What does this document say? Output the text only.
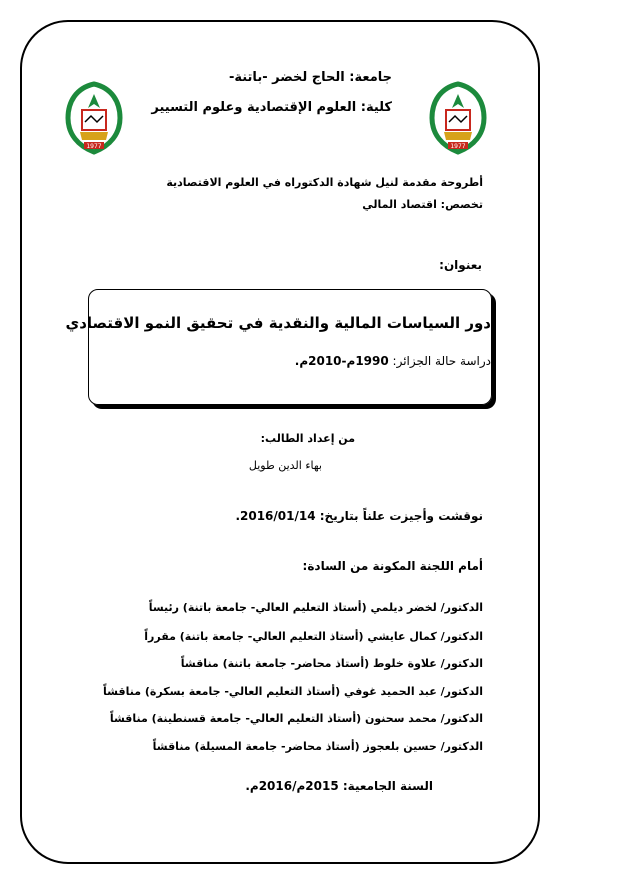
1977
1977
جامعة: الحاج لخضر -باتنة-
كلية: العلوم الإقتصادية وعلوم التسيير
أطروحة مقدمة لنيل شهادة الدكتوراه في العلوم الاقتصادية
تخصص: اقتصاد المالي
بعنوان:
دور السياسات المالية والنقدية في تحقيق النمو الاقتصادي
دراسة حالة الجزائر: 1990م-2010م.
من إعداد الطالب:
بهاء الدين طويل
نوقشت وأجيزت علناً بتاريخ: 2016/01/14.
أمام اللجنة المكونة من السادة:
الدكتور/ لخضر ديلمي (أستاذ التعليم العالي- جامعة باتنة) رئيساً
الدكتور/ كمال عايشي (أستاذ التعليم العالي- جامعة باتنة) مقرراً
الدكتور/ علاوة خلوط (أستاذ محاضر- جامعة باتنة) مناقشاً
الدكتور/ عبد الحميد غوفي (أستاذ التعليم العالي- جامعة بسكرة) مناقشاً
الدكتور/ محمد سحنون (أستاذ التعليم العالي- جامعة قسنطينة) مناقشاً
الدكتور/ حسين بلعجوز (أستاذ محاضر- جامعة المسيلة) مناقشاً
السنة الجامعية: 2015م/2016م.
